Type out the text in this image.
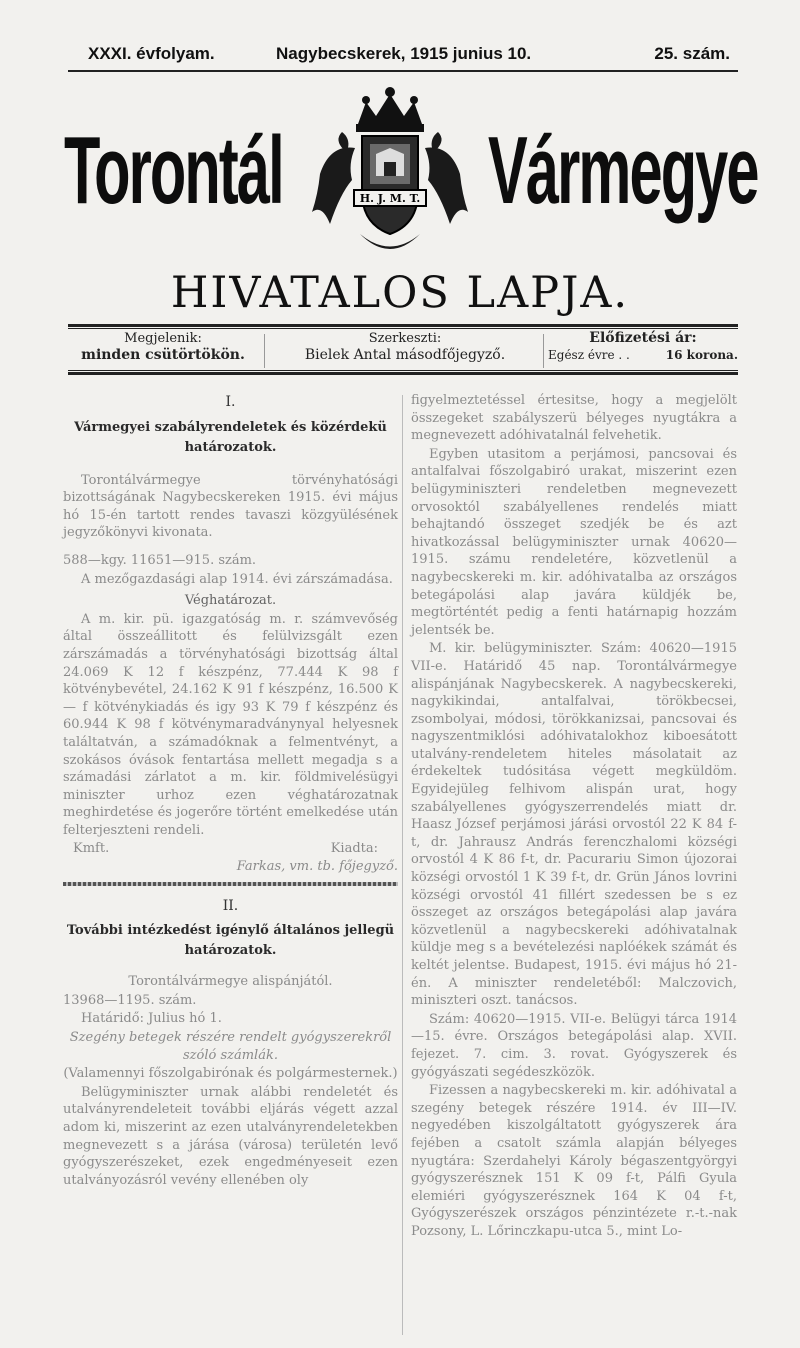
XXXI. évfolyam.	Nagybecskerek, 1915 junius 10.	25. szám.
Torontál Vármegye
H. J. M. T.
HIVATALOS LAPJA.
Megjelenik:
minden csütörtökön.
Szerkeszti:
Bielek Antal másodfőjegyző.
Előfizetési ár:
Egész évre . .	16 korona.

I.

Vármegyei szabályrendeletek és közérdekü határozatok.

Torontálvármegye törvényhatósági bizottságának Nagybecskereken 1915. évi május hó 15-én tartott rendes tavaszi közgyülésének jegyzőkönyvi kivonata.

588—kgy. 11651—915. szám.

A mezőgazdasági alap 1914. évi zárszámadása.

Véghatározat.

A m. kir. pü. igazgatóság m. r. számvevőség által összeállitott és felülvizsgált ezen zárszámadás a törvényhatósági bizottság által 24.069 K 12 f készpénz, 77.444 K 98 f kötvénybevétel, 24.162 K 91 f készpénz, 16.500 K — f kötvénykiadás és igy 93 K 79 f készpénz és 60.944 K 98 f kötvénymaradványnyal helyesnek találtatván, a számadóknak a felmentvényt, a szokásos óvások fentartása mellett megadja s a számadási zárlatot a m. kir. földmivelésügyi miniszter urhoz ezen véghatározatnak meghirdetése és jogerőre történt emelkedése után felterjeszteni rendeli.

Kmft.	Kiadta:

Farkas, vm. tb. főjegyző.

II.

További intézkedést igénylő általános jellegü határozatok.

Torontálvármegye alispánjától.

13968—1195. szám.

Határidő: Julius hó 1.

Szegény betegek részére rendelt gyógyszerekről szóló számlák.

(Valamennyi főszolgabirónak és polgármesternek.)

Belügyminiszter urnak alábbi rendeletét és utalványrendeleteit további eljárás végett azzal adom ki, miszerint az ezen utalványrendeletekben megnevezett s a járása (városa) területén levő gyógyszerészeket, ezek engedményeseit ezen utalványozásról vevény ellenében oly

figyelmeztetéssel értesitse, hogy a megjelölt összegeket szabályszerü bélyeges nyugtákra a megnevezett adóhivatalnál felvehetik.

Egyben utasitom a perjámosi, pancsovai és antalfalvai főszolgabiró urakat, miszerint ezen belügyminiszteri rendeletben megnevezett orvosoktól szabályellenes rendelés miatt behajtandó összeget szedjék be és azt hivatkozással belügyminiszter urnak 40620—1915. számu rendeletére, közvetlenül a nagybecskereki m. kir. adóhivatalba az országos betegápolási alap javára küldjék be, megtörténtét pedig a fenti határnapig hozzám jelentsék be.

M. kir. belügyminiszter. Szám: 40620—1915 VII-e. Határidő 45 nap. Torontálvármegye alispánjának Nagybecskerek. A nagybecskereki, nagykikindai, antalfalvai, törökbecsei, zsombolyai, módosi, törökkanizsai, pancsovai és nagyszentmiklósi adóhivatalokhoz kiboesátott utalvány-rendeletem hiteles másolatait az érdekeltek tudósitása végett megküldöm. Egyidejüleg felhivom alispán urat, hogy szabályellenes gyógyszerrendelés miatt dr. Haasz József perjámosi járási orvostól 22 K 84 f-t, dr. Jahrausz András ferenczhalomi községi orvostól 4 K 86 f-t, dr. Pacurariu Simon újozorai községi orvostól 1 K 39 f-t, dr. Grün János lovrini községi orvostól 41 fillért szedessen be s ez összeget az országos betegápolási alap javára közvetlenül a nagybecskereki adóhivatalnak küldje meg s a bevételezési naplóékek számát és keltét jelentse. Budapest, 1915. évi május hó 21-én. A miniszter rendeletéből: Malczovich, miniszteri oszt. tanácsos.

Szám: 40620—1915. VII-e. Belügyi tárca 1914—15. évre. Országos betegápolási alap. XVII. fejezet. 7. cim. 3. rovat. Gyógyszerek és gyógyászati segédeszközök.

Fizessen a nagybecskereki m. kir. adóhivatal a szegény betegek részére 1914. év III—IV. negyedében kiszolgáltatott gyógyszerek ára fejében a csatolt számla alapján bélyeges nyugtára: Szerdahelyi Károly bégaszentgyörgyi gyógyszerésznek 151 K 09 f-t, Pálfi Gyula elemiéri gyógyszerésznek 164 K 04 f-t, Gyógyszerészek országos pénzintézete r.-t.-nak Pozsony, L. Lőrinczkapu-utca 5., mint Lo-
